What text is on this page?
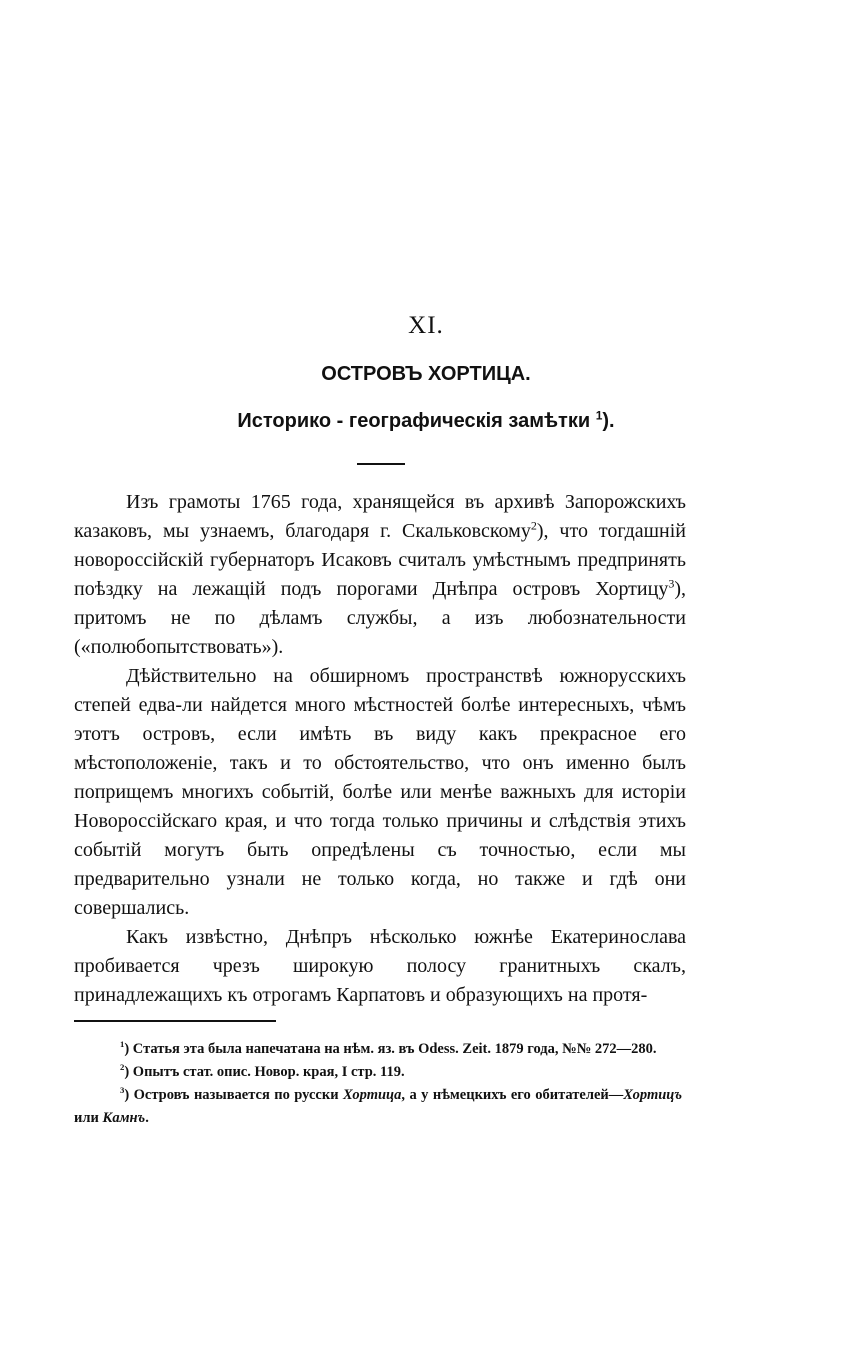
XI.
ОСТРОВЪ ХОРТИЦА.
Историко - географическія замѣтки $^1$).

Изъ грамоты 1765 года, хранящейся въ архивѣ Запорожскихъ казаковъ, мы узнаемъ, благодаря г. Скальковскому$^2$), что тогдашній новороссійскій губернаторъ Исаковъ считалъ умѣстнымъ предпринять поѣздку на лежащій подъ порогами Днѣпра островъ Хортицу$^3$), притомъ не по дѣламъ службы, а изъ любознательности («полюбопытствовать»).

Дѣйствительно на обширномъ пространствѣ южнорусскихъ степей едва-ли найдется много мѣстностей болѣе интересныхъ, чѣмъ этотъ островъ, если имѣть въ виду какъ прекрасное его мѣстоположеніе, такъ и то обстоятельство, что онъ именно былъ поприщемъ многихъ событій, болѣе или менѣе важныхъ для исторіи Новороссійскаго края, и что тогда только причины и слѣдствія этихъ событій могутъ быть опредѣлены съ точностью, если мы предварительно узнали не только когда, но также и гдѣ они совершались.

Какъ извѣстно, Днѣпръ нѣсколько южнѣе Екатеринослава пробивается чрезъ широкую полосу гранитныхъ скалъ, принадлежащихъ къ отрогамъ Карпатовъ и образующихъ на протя-

$^1$) Статья эта была напечатана на нѣм. яз. въ Odess. Zeit. 1879 года, №№ 272—280.

$^2$) Опытъ стат. опис. Новор. края, I стр. 119.

$^3$) Островъ называется по русски Хортица, а у нѣмецкихъ его обитателей—Хортицъ или Камнъ.
